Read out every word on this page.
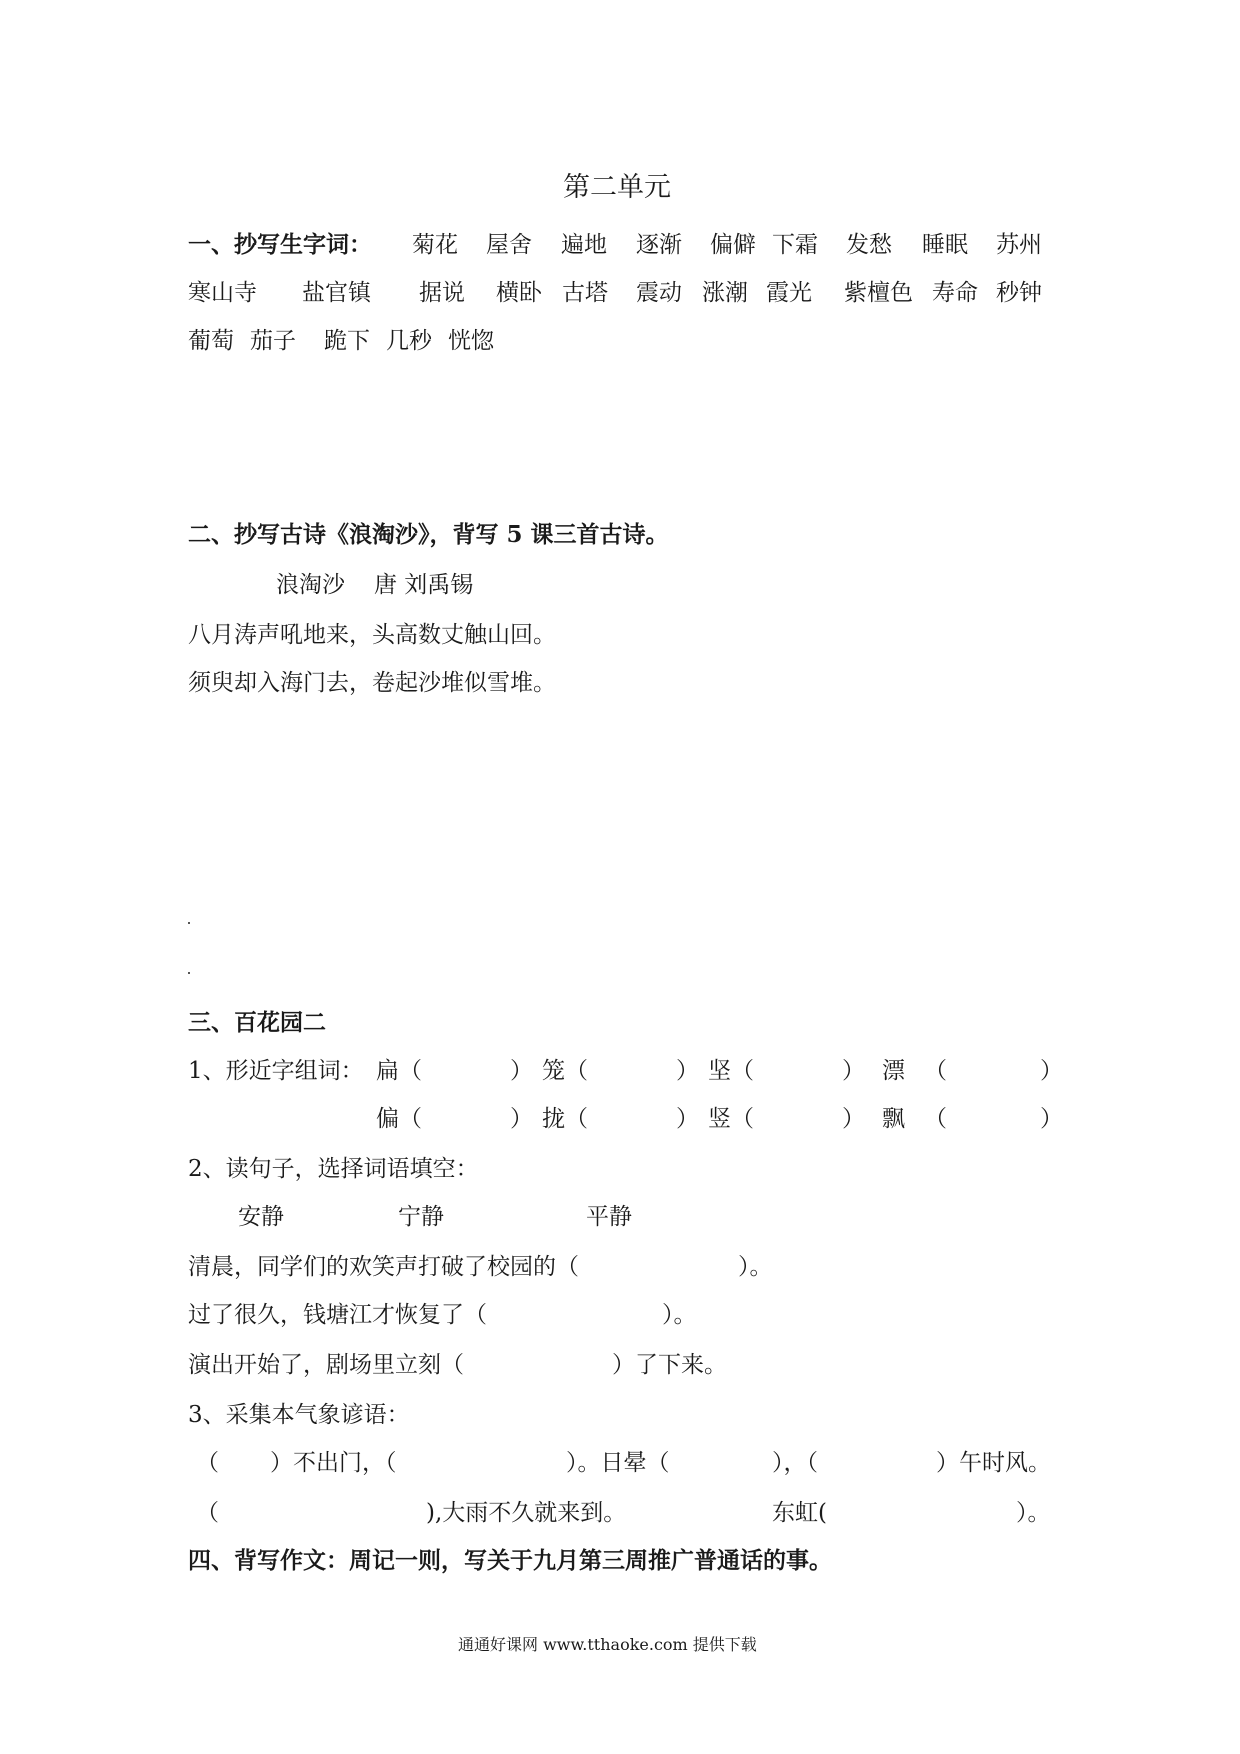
第二单元
一、抄写生字词： 菊花 屋舍 遍地 逐渐 偏僻 下霜 发愁 睡眠 苏州
寒山寺 盐官镇 据说 横卧 古塔 震动 涨潮 霞光 紫檀色 寿命 秒钟
葡萄 茄子 跪下 几秒 恍惚
二、抄写古诗《浪淘沙》，背写 5 课三首古诗。
浪淘沙 唐 刘禹锡
八月涛声吼地来，头高数丈触山回。
须臾却入海门去，卷起沙堆似雪堆。
三、百花园二
1、形近字组词： 扁（	） 笼（	） 坚（	） 漂 （	）
偏（	） 拢（	） 竖（	） 飘 （	）
2、读句子，选择词语填空：
安静	宁静	平静
清晨，同学们的欢笑声打破了校园的（	）。
过了很久，钱塘江才恢复了（	）。
演出开始了，剧场里立刻（	）了下来。
3、采集本气象谚语：
（ ）不出门，（	）。日晕（	），（	）午时风。
（	),大雨不久就来到。	东虹(	）。
四、背写作文：周记一则，写关于九月第三周推广普通话的事。
通通好课网 www.tthaoke.com 提供下载
